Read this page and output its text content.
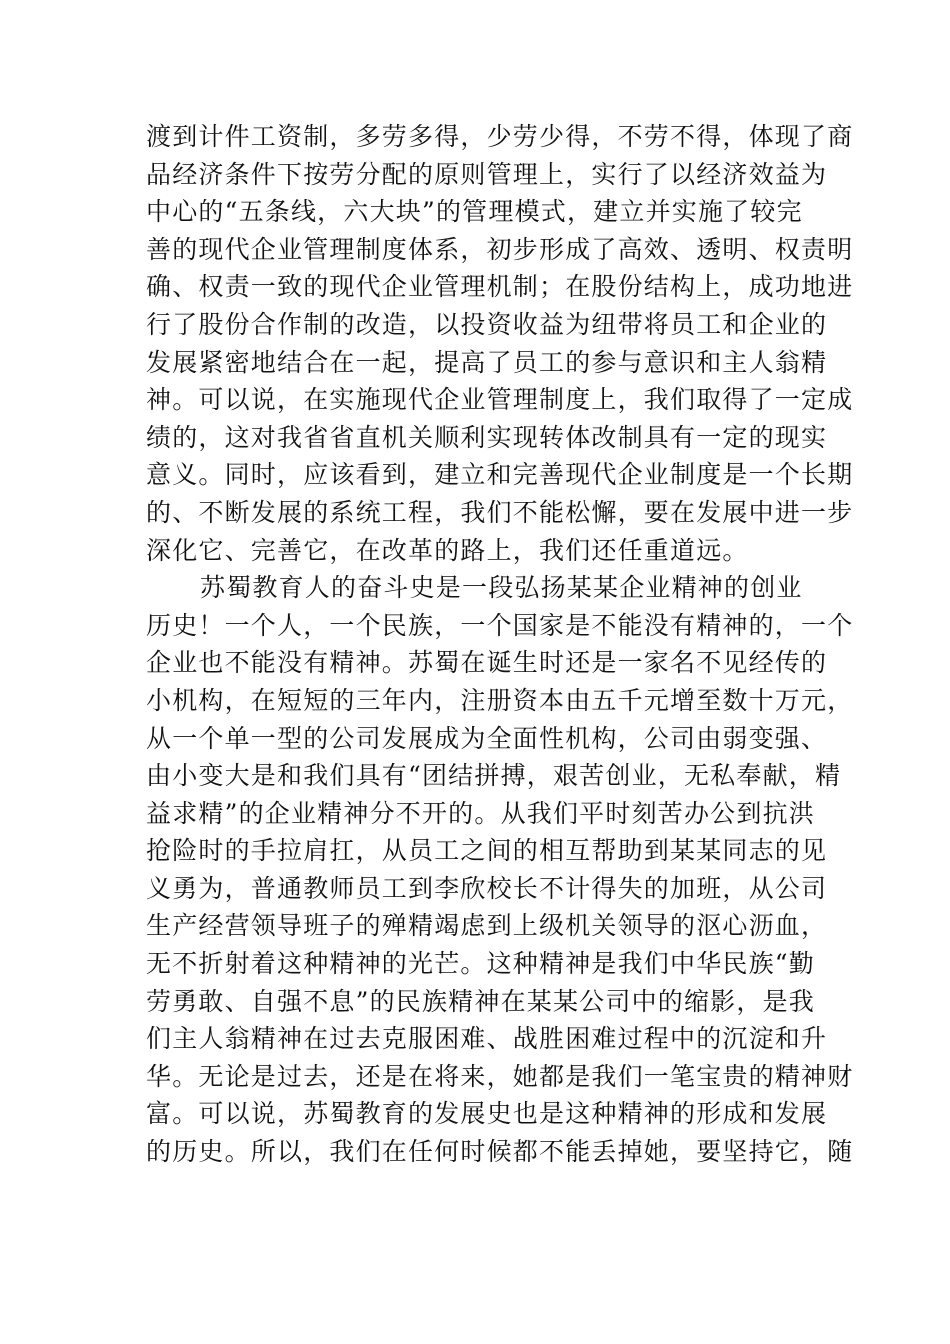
渡到计件工资制，多劳多得，少劳少得，不劳不得，体现了商
品经济条件下按劳分配的原则管理上，实行了以经济效益为
中心的“五条线，六大块”的管理模式，建立并实施了较完
善的现代企业管理制度体系，初步形成了高效、透明、权责明
确、权责一致的现代企业管理机制；在股份结构上，成功地进
行了股份合作制的改造，以投资收益为纽带将员工和企业的
发展紧密地结合在一起，提高了员工的参与意识和主人翁精
神。可以说，在实施现代企业管理制度上，我们取得了一定成
绩的，这对我省省直机关顺利实现转体改制具有一定的现实
意义。同时，应该看到，建立和完善现代企业制度是一个长期
的、不断发展的系统工程，我们不能松懈，要在发展中进一步
深化它、完善它，在改革的路上，我们还任重道远。
苏蜀教育人的奋斗史是一段弘扬某某企业精神的创业
历史！一个人，一个民族，一个国家是不能没有精神的，一个
企业也不能没有精神。苏蜀在诞生时还是一家名不见经传的
小机构，在短短的三年内，注册资本由五千元增至数十万元，
从一个单一型的公司发展成为全面性机构，公司由弱变强、
由小变大是和我们具有“团结拼搏，艰苦创业，无私奉献，精
益求精”的企业精神分不开的。从我们平时刻苦办公到抗洪
抢险时的手拉肩扛，从员工之间的相互帮助到某某同志的见
义勇为，普通教师员工到李欣校长不计得失的加班，从公司
生产经营领导班子的殚精竭虑到上级机关领导的沤心沥血，
无不折射着这种精神的光芒。这种精神是我们中华民族“勤
劳勇敢、自强不息”的民族精神在某某公司中的缩影，是我
们主人翁精神在过去克服困难、战胜困难过程中的沉淀和升
华。无论是过去，还是在将来，她都是我们一笔宝贵的精神财
富。可以说，苏蜀教育的发展史也是这种精神的形成和发展
的历史。所以，我们在任何时候都不能丢掉她，要坚持它，随
